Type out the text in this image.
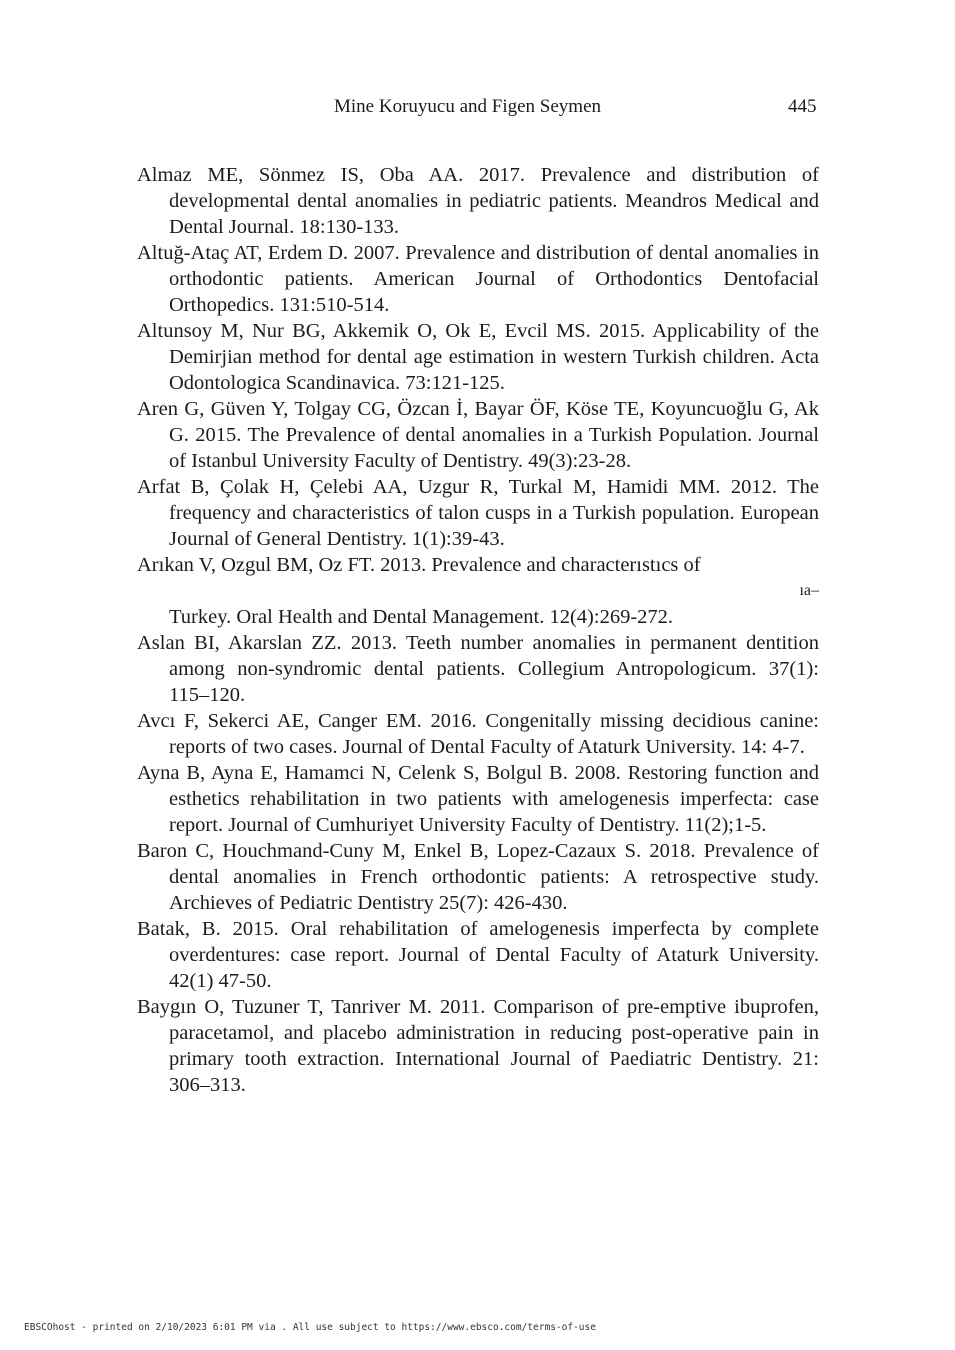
Mine Koruyucu and Figen Seymen	445
Almaz ME, Sönmez IS, Oba AA. 2017. Prevalence and distribution of developmental dental anomalies in pediatric patients. Meandros Medical and Dental Journal. 18:130-133.
Altuğ-Ataç AT, Erdem D. 2007. Prevalence and distribution of dental anomalies in orthodontic patients. American Journal of Orthodontics Dentofacial Orthopedics. 131:510-514.
Altunsoy M, Nur BG, Akkemik O, Ok E, Evcil MS. 2015. Applicability of the Demirjian method for dental age estimation in western Turkish children. Acta Odontologica Scandinavica. 73:121-125.
Aren G, Güven Y, Tolgay CG, Özcan İ, Bayar ÖF, Köse TE, Koyuncuoğlu G, Ak G. 2015. The Prevalence of dental anomalies in a Turkish Population. Journal of Istanbul University Faculty of Dentistry. 49(3):23-28.
Arfat B, Çolak H, Çelebi AA, Uzgur R, Turkal M, Hamidi MM. 2012. The frequency and characteristics of talon cusps in a Turkish population. European Journal of General Dentistry. 1(1):39-43.
Arıkan V, Ozgul BM, Oz FT. 2013. Prevalence and characterıstıcs of
ıa–
Turkey. Oral Health and Dental Management. 12(4):269-272.
Aslan BI, Akarslan ZZ. 2013. Teeth number anomalies in permanent dentition among non-syndromic dental patients. Collegium Antropologicum. 37(1): 115–120.
Avcı F, Sekerci AE, Canger EM. 2016. Congenitally missing decidious canine: reports of two cases. Journal of Dental Faculty of Ataturk University. 14: 4-7.
Ayna B, Ayna E, Hamamci N, Celenk S, Bolgul B. 2008. Restoring function and esthetics rehabilitation in two patients with amelogenesis imperfecta: case report. Journal of Cumhuriyet University Faculty of Dentistry. 11(2);1-5.
Baron C, Houchmand-Cuny M, Enkel B, Lopez-Cazaux S. 2018. Prevalence of dental anomalies in French orthodontic patients: A retrospective study. Archieves of Pediatric Dentistry 25(7): 426-430.
Batak, B. 2015. Oral rehabilitation of amelogenesis imperfecta by complete overdentures: case report. Journal of Dental Faculty of Ataturk University. 42(1) 47-50.
Baygın O, Tuzuner T, Tanriver M. 2011. Comparison of pre-emptive ibuprofen, paracetamol, and placebo administration in reducing post-operative pain in primary tooth extraction. International Journal of Paediatric Dentistry. 21: 306–313.
EBSCOhost - printed on 2/10/2023 6:01 PM via . All use subject to https://www.ebsco.com/terms-of-use
